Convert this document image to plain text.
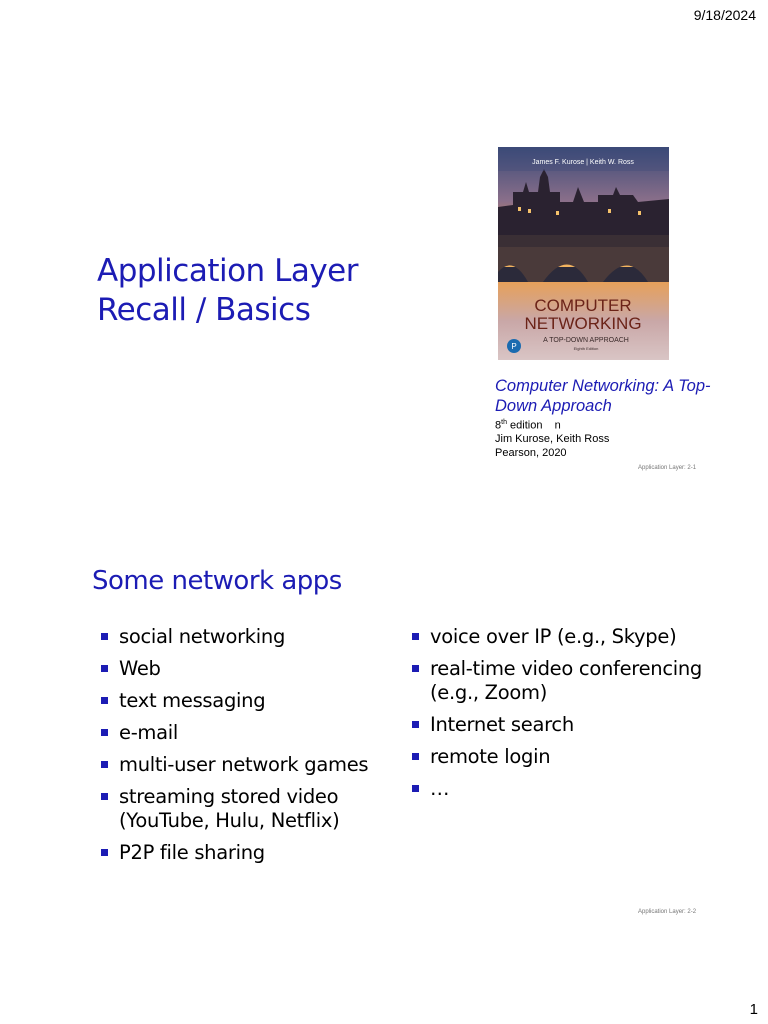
9/18/2024
Application Layer
Recall / Basics
James F. Kurose | Keith W. Ross
COMPUTER
NETWORKING
A TOP-DOWN APPROACH
Eighth Edition
P
Computer Networking: A Top-Down Approach
8th edition    n
Jim Kurose, Keith Ross
Pearson, 2020
Application Layer: 2-1
Some network apps
social networking
Web
text messaging
e-mail
multi-user network games
streaming stored video (YouTube, Hulu, Netflix)
P2P file sharing
voice over IP (e.g., Skype)
real-time video conferencing (e.g., Zoom)
Internet search
remote login
…
Application Layer: 2-2
1
